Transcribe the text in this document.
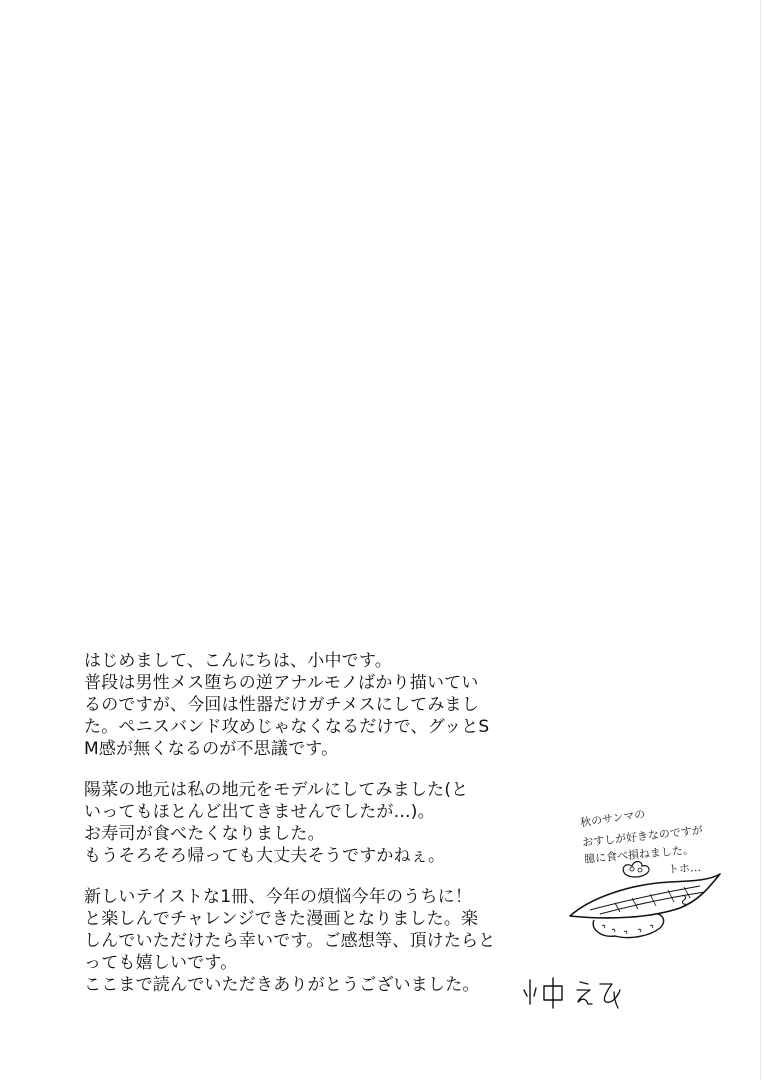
はじめまして、こんにちは、小中です。
普段は男性メス堕ちの逆アナルモノばかり描いてい
るのですが、今回は性器だけガチメスにしてみまし
た。ペニスバンド攻めじゃなくなるだけで、グッとS
M感が無くなるのが不思議です。
陽菜の地元は私の地元をモデルにしてみました(と
いってもほとんど出てきませんでしたが…)。
お寿司が食べたくなりました。
もうそろそろ帰っても大丈夫そうですかねぇ。
新しいテイストな1冊、今年の煩悩今年のうちに！
と楽しんでチャレンジできた漫画となりました。楽
しんでいただけたら幸いです。ご感想等、頂けたらと
っても嬉しいです。
ここまで読んでいただきありがとうございました。
秋のサンマの
おすしが好きなのですが
臆に食べ損ねました。
トホ…
